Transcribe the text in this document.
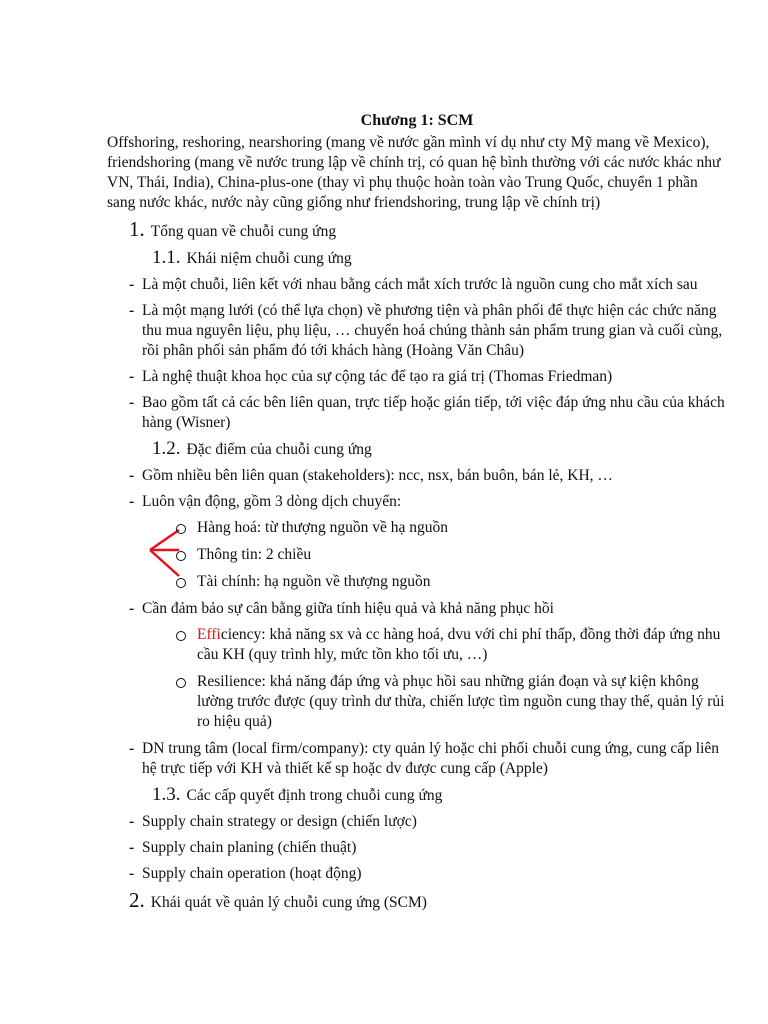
Chương 1: SCM
Offshoring, reshoring, nearshoring (mang về nước gần mình ví dụ như cty Mỹ mang về Mexico), friendshoring (mang về nước trung lập về chính trị, có quan hệ bình thường với các nước khác như VN, Thái, India), China-plus-one (thay vì phụ thuộc hoàn toàn vào Trung Quốc, chuyển 1 phần sang nước khác, nước này cũng giống như friendshoring, trung lập về chính trị)
1. Tổng quan về chuỗi cung ứng
1.1. Khái niệm chuỗi cung ứng
- Là một chuỗi, liên kết với nhau bằng cách mắt xích trước là nguồn cung cho mắt xích sau
- Là một mạng lưới (có thể lựa chọn) về phương tiện và phân phối để thực hiện các chức năng thu mua nguyên liệu, phụ liệu, … chuyển hoá chúng thành sản phẩm trung gian và cuối cùng, rồi phân phối sản phẩm đó tới khách hàng (Hoàng Văn Châu)
- Là nghệ thuật khoa học của sự cộng tác để tạo ra giá trị (Thomas Friedman)
- Bao gồm tất cả các bên liên quan, trực tiếp hoặc gián tiếp, tới việc đáp ứng nhu cầu của khách hàng (Wisner)
1.2. Đặc điểm của chuỗi cung ứng
- Gồm nhiều bên liên quan (stakeholders): ncc, nsx, bán buôn, bán lẻ, KH, …
- Luôn vận động, gồm 3 dòng dịch chuyển:
Hàng hoá: từ thượng nguồn về hạ nguồn
Thông tin: 2 chiều
Tài chính: hạ nguồn về thượng nguồn
- Cần đảm bảo sự cân bằng giữa tính hiệu quả và khả năng phục hồi
Efficiency: khả năng sx và cc hàng hoá, dvu với chi phí thấp, đồng thời đáp ứng nhu cầu KH (quy trình hly, mức tồn kho tối ưu, …)
Resilience: khả năng đáp ứng và phục hồi sau những gián đoạn và sự kiện không lường trước được (quy trình dư thừa, chiến lược tìm nguồn cung thay thế, quản lý rủi ro hiệu quả)
- DN trung tâm (local firm/company): cty quản lý hoặc chi phối chuỗi cung ứng, cung cấp liên hệ trực tiếp với KH và thiết kế sp hoặc dv được cung cấp (Apple)
1.3. Các cấp quyết định trong chuỗi cung ứng
- Supply chain strategy or design (chiến lược)
- Supply chain planing (chiến thuật)
- Supply chain operation (hoạt động)
2. Khái quát về quản lý chuỗi cung ứng (SCM)
